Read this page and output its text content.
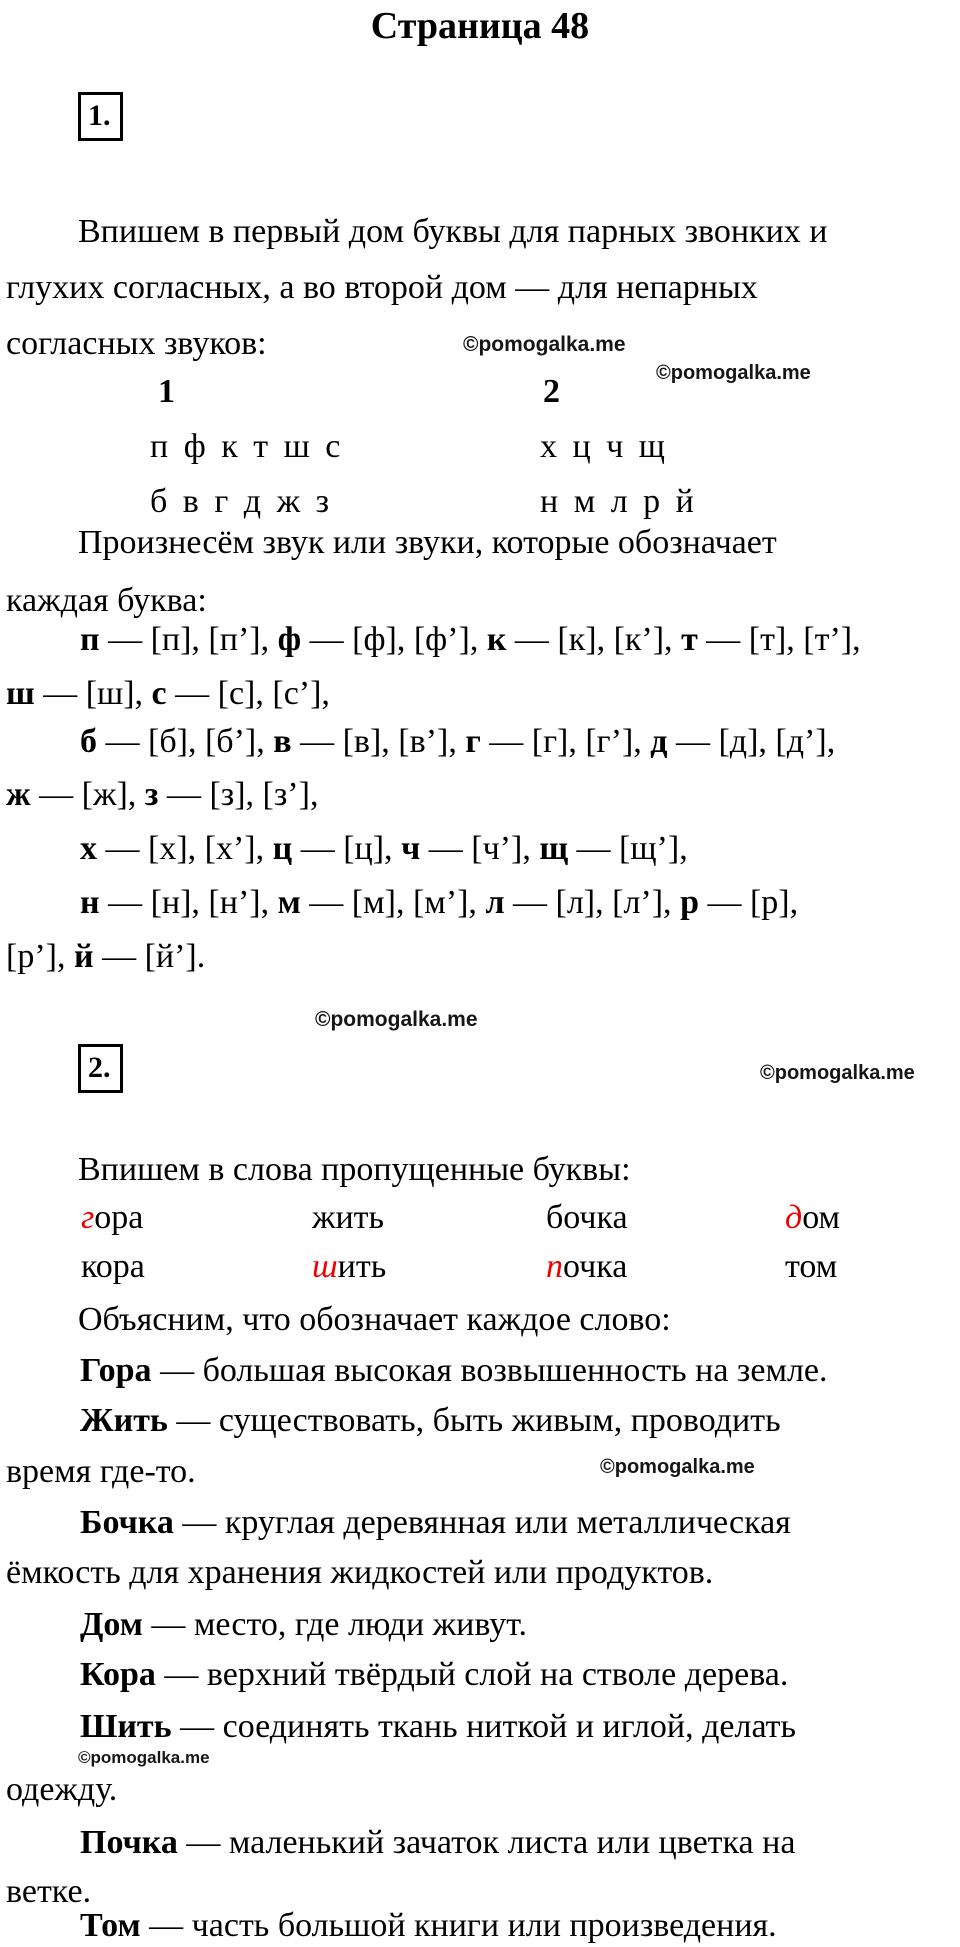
Страница 48
1.
Впишем в первый дом буквы для парных звонких и
глухих согласных, а во второй дом — для непарных
согласных звуков:	©pomogalka.me
©pomogalka.me
1	2
п ф к т ш с	х ц ч щ
б в г д ж з	н м л р й
Произнесём звук или звуки, которые обозначает
каждая буква:
п — [п], [п’], ф — [ф], [ф’], к — [к], [к’], т — [т], [т’],
ш — [ш], с — [с], [с’],
б — [б], [б’], в — [в], [в’], г — [г], [г’], д — [д], [д’],
ж — [ж], з — [з], [з’],
х — [х], [х’], ц — [ц], ч — [ч’], щ — [щ’],
н — [н], [н’], м — [м], [м’], л — [л], [л’], р — [р],
[р’], й — [й’].
©pomogalka.me
2.	©pomogalka.me
Впишем в слова пропущенные буквы:
гора	жить	бочка	дом
кора	шить	почка	том
Объясним, что обозначает каждое слово:
Гора — большая высокая возвышенность на земле.
Жить — существовать, быть живым, проводить
время где-то.	©pomogalka.me
Бочка — круглая деревянная или металлическая
ёмкость для хранения жидкостей или продуктов.
Дом — место, где люди живут.
Кора — верхний твёрдый слой на стволе дерева.
Шить — соединять ткань ниткой и иглой, делать
©pomogalka.me
одежду.
Почка — маленький зачаток листа или цветка на
ветке.
Том — часть большой книги или произведения.
